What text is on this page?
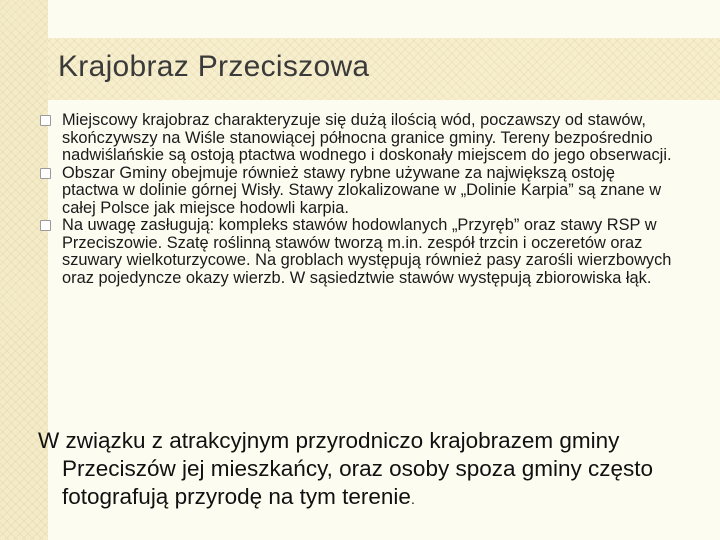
Krajobraz Przeciszowa
Miejscowy krajobraz charakteryzuje się dużą ilością wód, poczawszy od stawów, skończywszy na Wiśle stanowiącej północna granice gminy. Tereny bezpośrednio nadwiślańskie są ostoją ptactwa wodnego i doskonały miejscem do jego obserwacji.
Obszar Gminy obejmuje również stawy rybne używane za największą ostoję ptactwa w dolinie górnej Wisły. Stawy zlokalizowane w „Dolinie Karpia” są znane w całej Polsce jak miejsce hodowli karpia.
Na uwagę zasługują: kompleks stawów hodowlanych „Przyręb” oraz stawy RSP w Przeciszowie. Szatę roślinną stawów tworzą m.in. zespół trzcin i oczeretów oraz szuwary wielkoturzycowe. Na groblach występują również pasy zarośli wierzbowych oraz pojedyncze okazy wierzb. W sąsiedztwie stawów występują zbiorowiska łąk.

W związku z atrakcyjnym przyrodniczo krajobrazem gminy Przeciszów jej mieszkańcy, oraz osoby spoza gminy często fotografują przyrodę na tym terenie.
